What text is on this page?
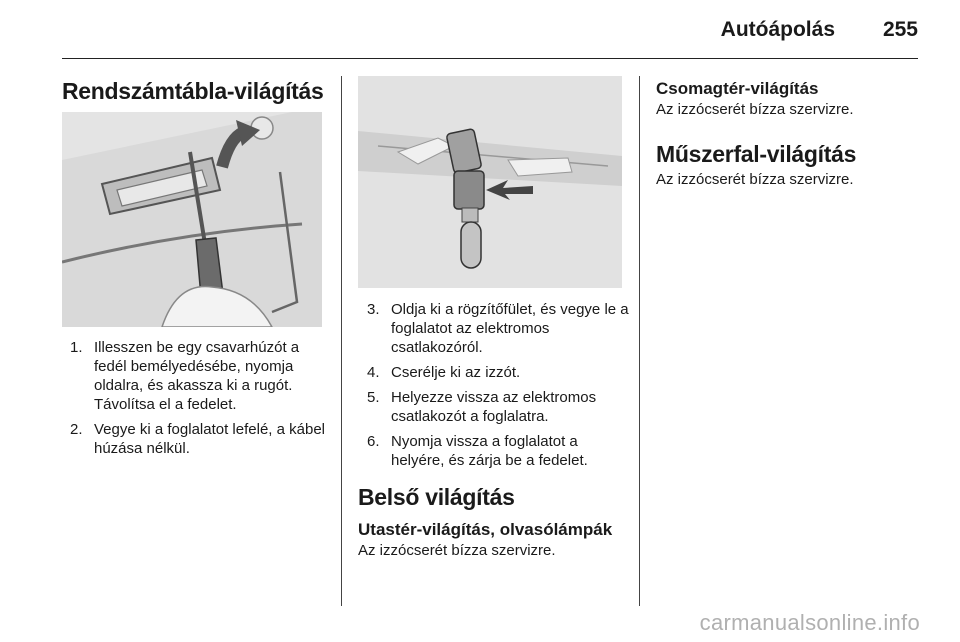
Autóápolás 255
Rendszámtábla-világítás
1. Illesszen be egy csavarhúzót a fedél bemélyedésébe, nyomja oldalra, és akassza ki a rugót. Távolítsa el a fedelet.
2. Vegye ki a foglalatot lefelé, a kábel húzása nélkül.
3. Oldja ki a rögzítőfület, és vegye le a foglalatot az elektromos csatlakozóról.
4. Cserélje ki az izzót.
5. Helyezze vissza az elektromos csatlakozót a foglalatra.
6. Nyomja vissza a foglalatot a helyére, és zárja be a fedelet.
Belső világítás
Utastér-világítás, olvasólámpák
Az izzócserét bízza szervizre.
Csomagtér-világítás
Az izzócserét bízza szervizre.
Műszerfal-világítás
Az izzócserét bízza szervizre.
carmanualsonline.info
